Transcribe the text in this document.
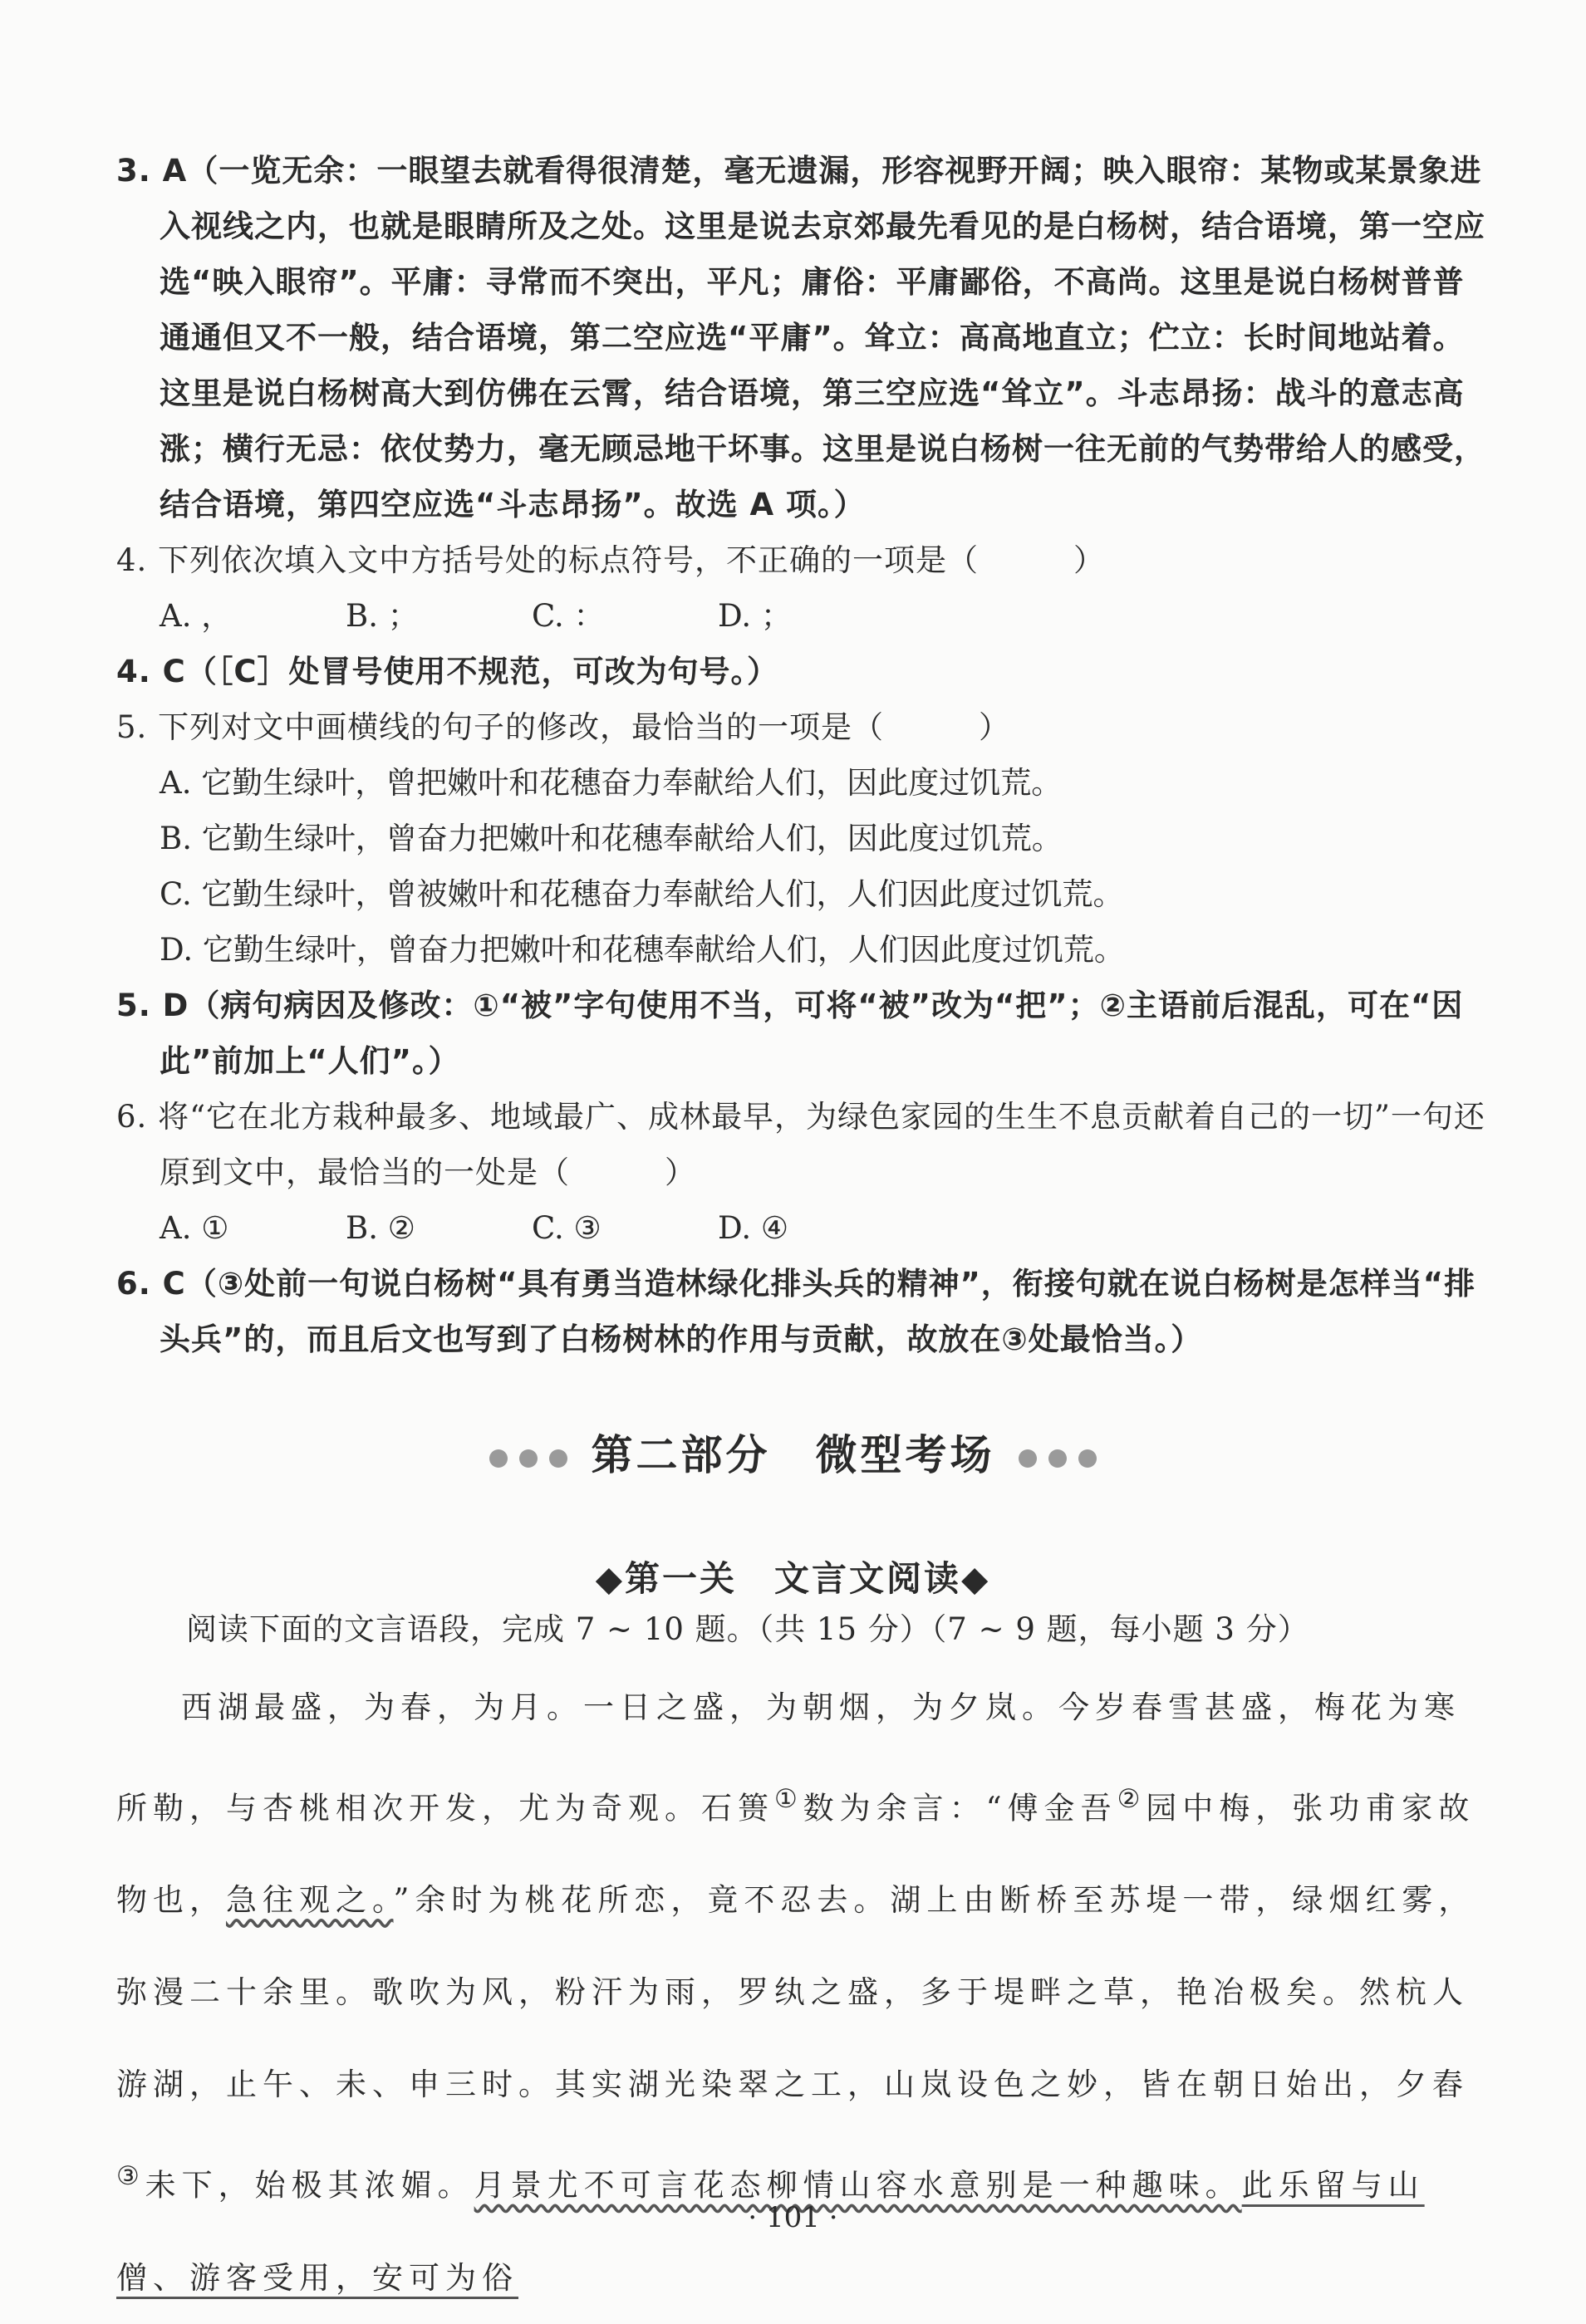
3. A（一览无余：一眼望去就看得很清楚，毫无遗漏，形容视野开阔；映入眼帘：某物或某景象进入视线之内，也就是眼睛所及之处。这里是说去京郊最先看见的是白杨树，结合语境，第一空应选“映入眼帘”。平庸：寻常而不突出，平凡；庸俗：平庸鄙俗，不高尚。这里是说白杨树普普通通但又不一般，结合语境，第二空应选“平庸”。耸立：高高地直立；伫立：长时间地站着。这里是说白杨树高大到仿佛在云霄，结合语境，第三空应选“耸立”。斗志昂扬：战斗的意志高涨；横行无忌：依仗势力，毫无顾忌地干坏事。这里是说白杨树一往无前的气势带给人的感受，结合语境，第四空应选“斗志昂扬”。故选 A 项。）
4. 下列依次填入文中方括号处的标点符号，不正确的一项是（　　　）
A. ，	B. ；	C. ：	D. ；
4. C（［C］处冒号使用不规范，可改为句号。）
5. 下列对文中画横线的句子的修改，最恰当的一项是（　　　）
A. 它勤生绿叶，曾把嫩叶和花穗奋力奉献给人们，因此度过饥荒。
B. 它勤生绿叶，曾奋力把嫩叶和花穗奉献给人们，因此度过饥荒。
C. 它勤生绿叶，曾被嫩叶和花穗奋力奉献给人们，人们因此度过饥荒。
D. 它勤生绿叶，曾奋力把嫩叶和花穗奉献给人们，人们因此度过饥荒。
5. D（病句病因及修改：①“被”字句使用不当，可将“被”改为“把”；②主语前后混乱，可在“因此”前加上“人们”。）
6. 将“它在北方栽种最多、地域最广、成林最早，为绿色家园的生生不息贡献着自己的一切”一句还原到文中，最恰当的一处是（　　　）
A. ①	B. ②	C. ③	D. ④
6. C（③处前一句说白杨树“具有勇当造林绿化排头兵的精神”，衔接句就在说白杨树是怎样当“排头兵”的，而且后文也写到了白杨树林的作用与贡献，故放在③处最恰当。）
第二部分　微型考场
◆第一关　文言文阅读◆
阅读下面的文言语段，完成 7 ~ 10 题。（共 15 分）（7 ~ 9 题，每小题 3 分）
西湖最盛，为春，为月。一日之盛，为朝烟，为夕岚。今岁春雪甚盛，梅花为寒所勒，与杏桃相次开发，尤为奇观。石篑①数为余言：“傅金吾②园中梅，张功甫家故物也，急往观之。”余时为桃花所恋，竟不忍去。湖上由断桥至苏堤一带，绿烟红雾，弥漫二十余里。歌吹为风，粉汗为雨，罗纨之盛，多于堤畔之草，艳冶极矣。然杭人游湖，止午、未、申三时。其实湖光染翠之工，山岚设色之妙，皆在朝日始出，夕舂③未下，始极其浓媚。月景尤不可言花态柳情山容水意别是一种趣味。此乐留与山僧、游客受用，安可为俗
· 101 ·
